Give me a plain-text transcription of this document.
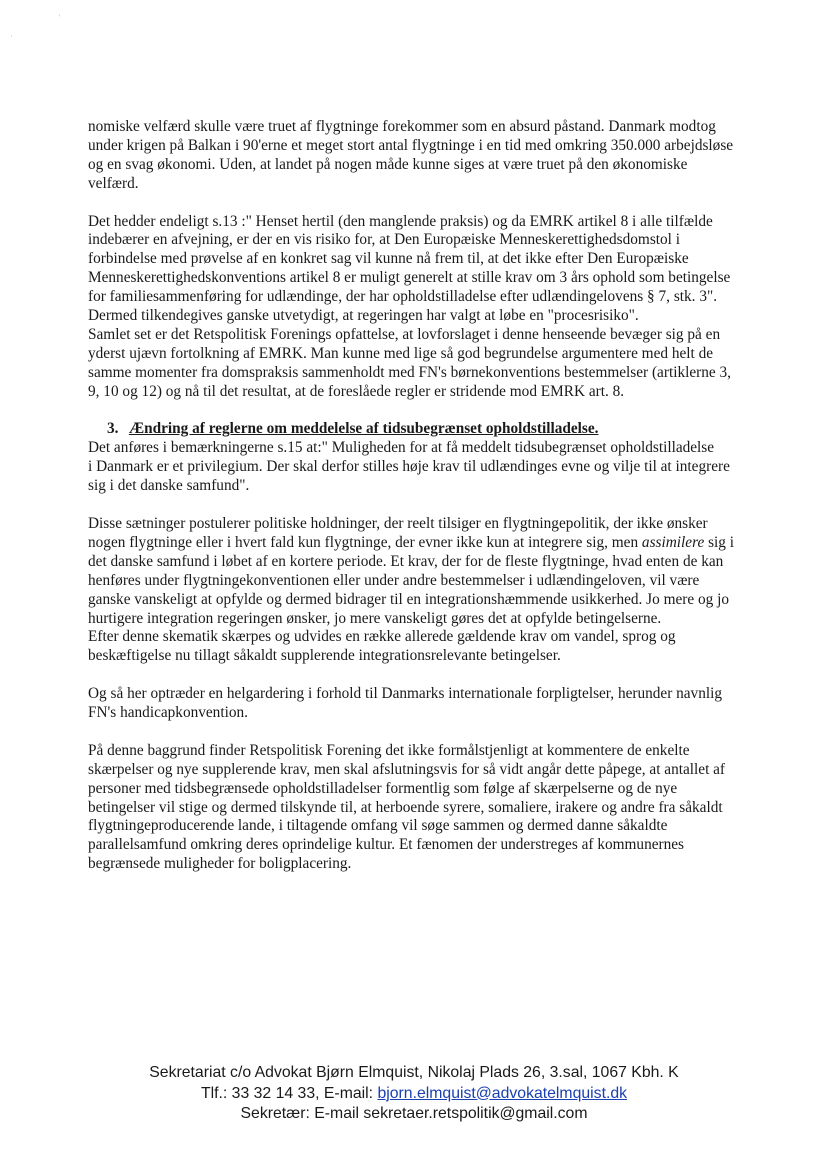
ˈ
·

nomiske velfærd skulle være truet af flygtninge forekommer som en absurd påstand. Danmark modtog under krigen på Balkan i 90'erne et meget stort antal flygtninge i en tid med omkring 350.000 arbejdsløse og en svag økonomi. Uden, at landet på nogen måde kunne siges at være truet på den økonomiske velfærd.

Det hedder endeligt s.13 :" Henset hertil (den manglende praksis) og da EMRK artikel 8 i alle tilfælde indebærer en afvejning, er der en vis risiko for, at Den Europæiske Menneskerettighedsdomstol i forbindelse med prøvelse af en konkret sag vil kunne nå frem til, at det ikke efter Den Europæiske Menneskerettighedskonventions artikel 8 er muligt generelt at stille krav om 3 års ophold som betingelse for familiesammenføring for udlændinge, der har opholdstilladelse efter udlændingelovens § 7, stk. 3". Dermed tilkendegives ganske utvetydigt, at regeringen har valgt at løbe en "procesrisiko".

Samlet set er det Retspolitisk Forenings opfattelse, at lovforslaget i denne henseende bevæger sig på en yderst ujævn fortolkning af EMRK. Man kunne med lige så god begrundelse argumentere med helt de samme momenter fra domspraksis sammenholdt med FN's børnekonventions bestemmelser (artiklerne 3, 9, 10 og 12) og nå til det resultat, at de foreslåede regler er stridende mod EMRK art. 8.

3. Ændring af reglerne om meddelelse af tidsubegrænset opholdstilladelse.

Det anføres i bemærkningerne s.15 at:" Muligheden for at få meddelt tidsubegrænset opholdstilladelse

i Danmark er et privilegium. Der skal derfor stilles høje krav til udlændinges evne og vilje til at integrere sig i det danske samfund".

Disse sætninger postulerer politiske holdninger, der reelt tilsiger en flygtningepolitik, der ikke ønsker nogen flygtninge eller i hvert fald kun flygtninge, der evner ikke kun at integrere sig, men assimilere sig i det danske samfund i løbet af en kortere periode. Et krav, der for de fleste flygtninge, hvad enten de kan henføres under flygtningekonventionen eller under andre bestemmelser i udlændingeloven, vil være ganske vanskeligt at opfylde og dermed bidrager til en integrationshæmmende usikkerhed. Jo mere og jo hurtigere integration regeringen ønsker, jo mere vanskeligt gøres det at opfylde betingelserne.

Efter denne skematik skærpes og udvides en række allerede gældende krav om vandel, sprog og beskæftigelse nu tillagt såkaldt supplerende integrationsrelevante betingelser.

Og så her optræder en helgardering i forhold til Danmarks internationale forpligtelser, herunder navnlig FN's handicapkonvention.

På denne baggrund finder Retspolitisk Forening det ikke formålstjenligt at kommentere de enkelte skærpelser og nye supplerende krav, men skal afslutningsvis for så vidt angår dette påpege, at antallet af personer med tidsbegrænsede opholdstilladelser formentlig som følge af skærpelserne og de nye betingelser vil stige og dermed tilskynde til, at herboende syrere, somaliere, irakere og andre fra såkaldt flygtningeproducerende lande, i tiltagende omfang vil søge sammen og dermed danne såkaldte parallelsamfund omkring deres oprindelige kultur. Et fænomen der understreges af kommunernes begrænsede muligheder for boligplacering.

Sekretariat c/o Advokat Bjørn Elmquist, Nikolaj Plads 26, 3.sal, 1067 Kbh. K
Tlf.: 33 32 14 33, E-mail: bjorn.elmquist@advokatelmquist.dk
Sekretær: E-mail sekretaer.retspolitik@gmail.com
